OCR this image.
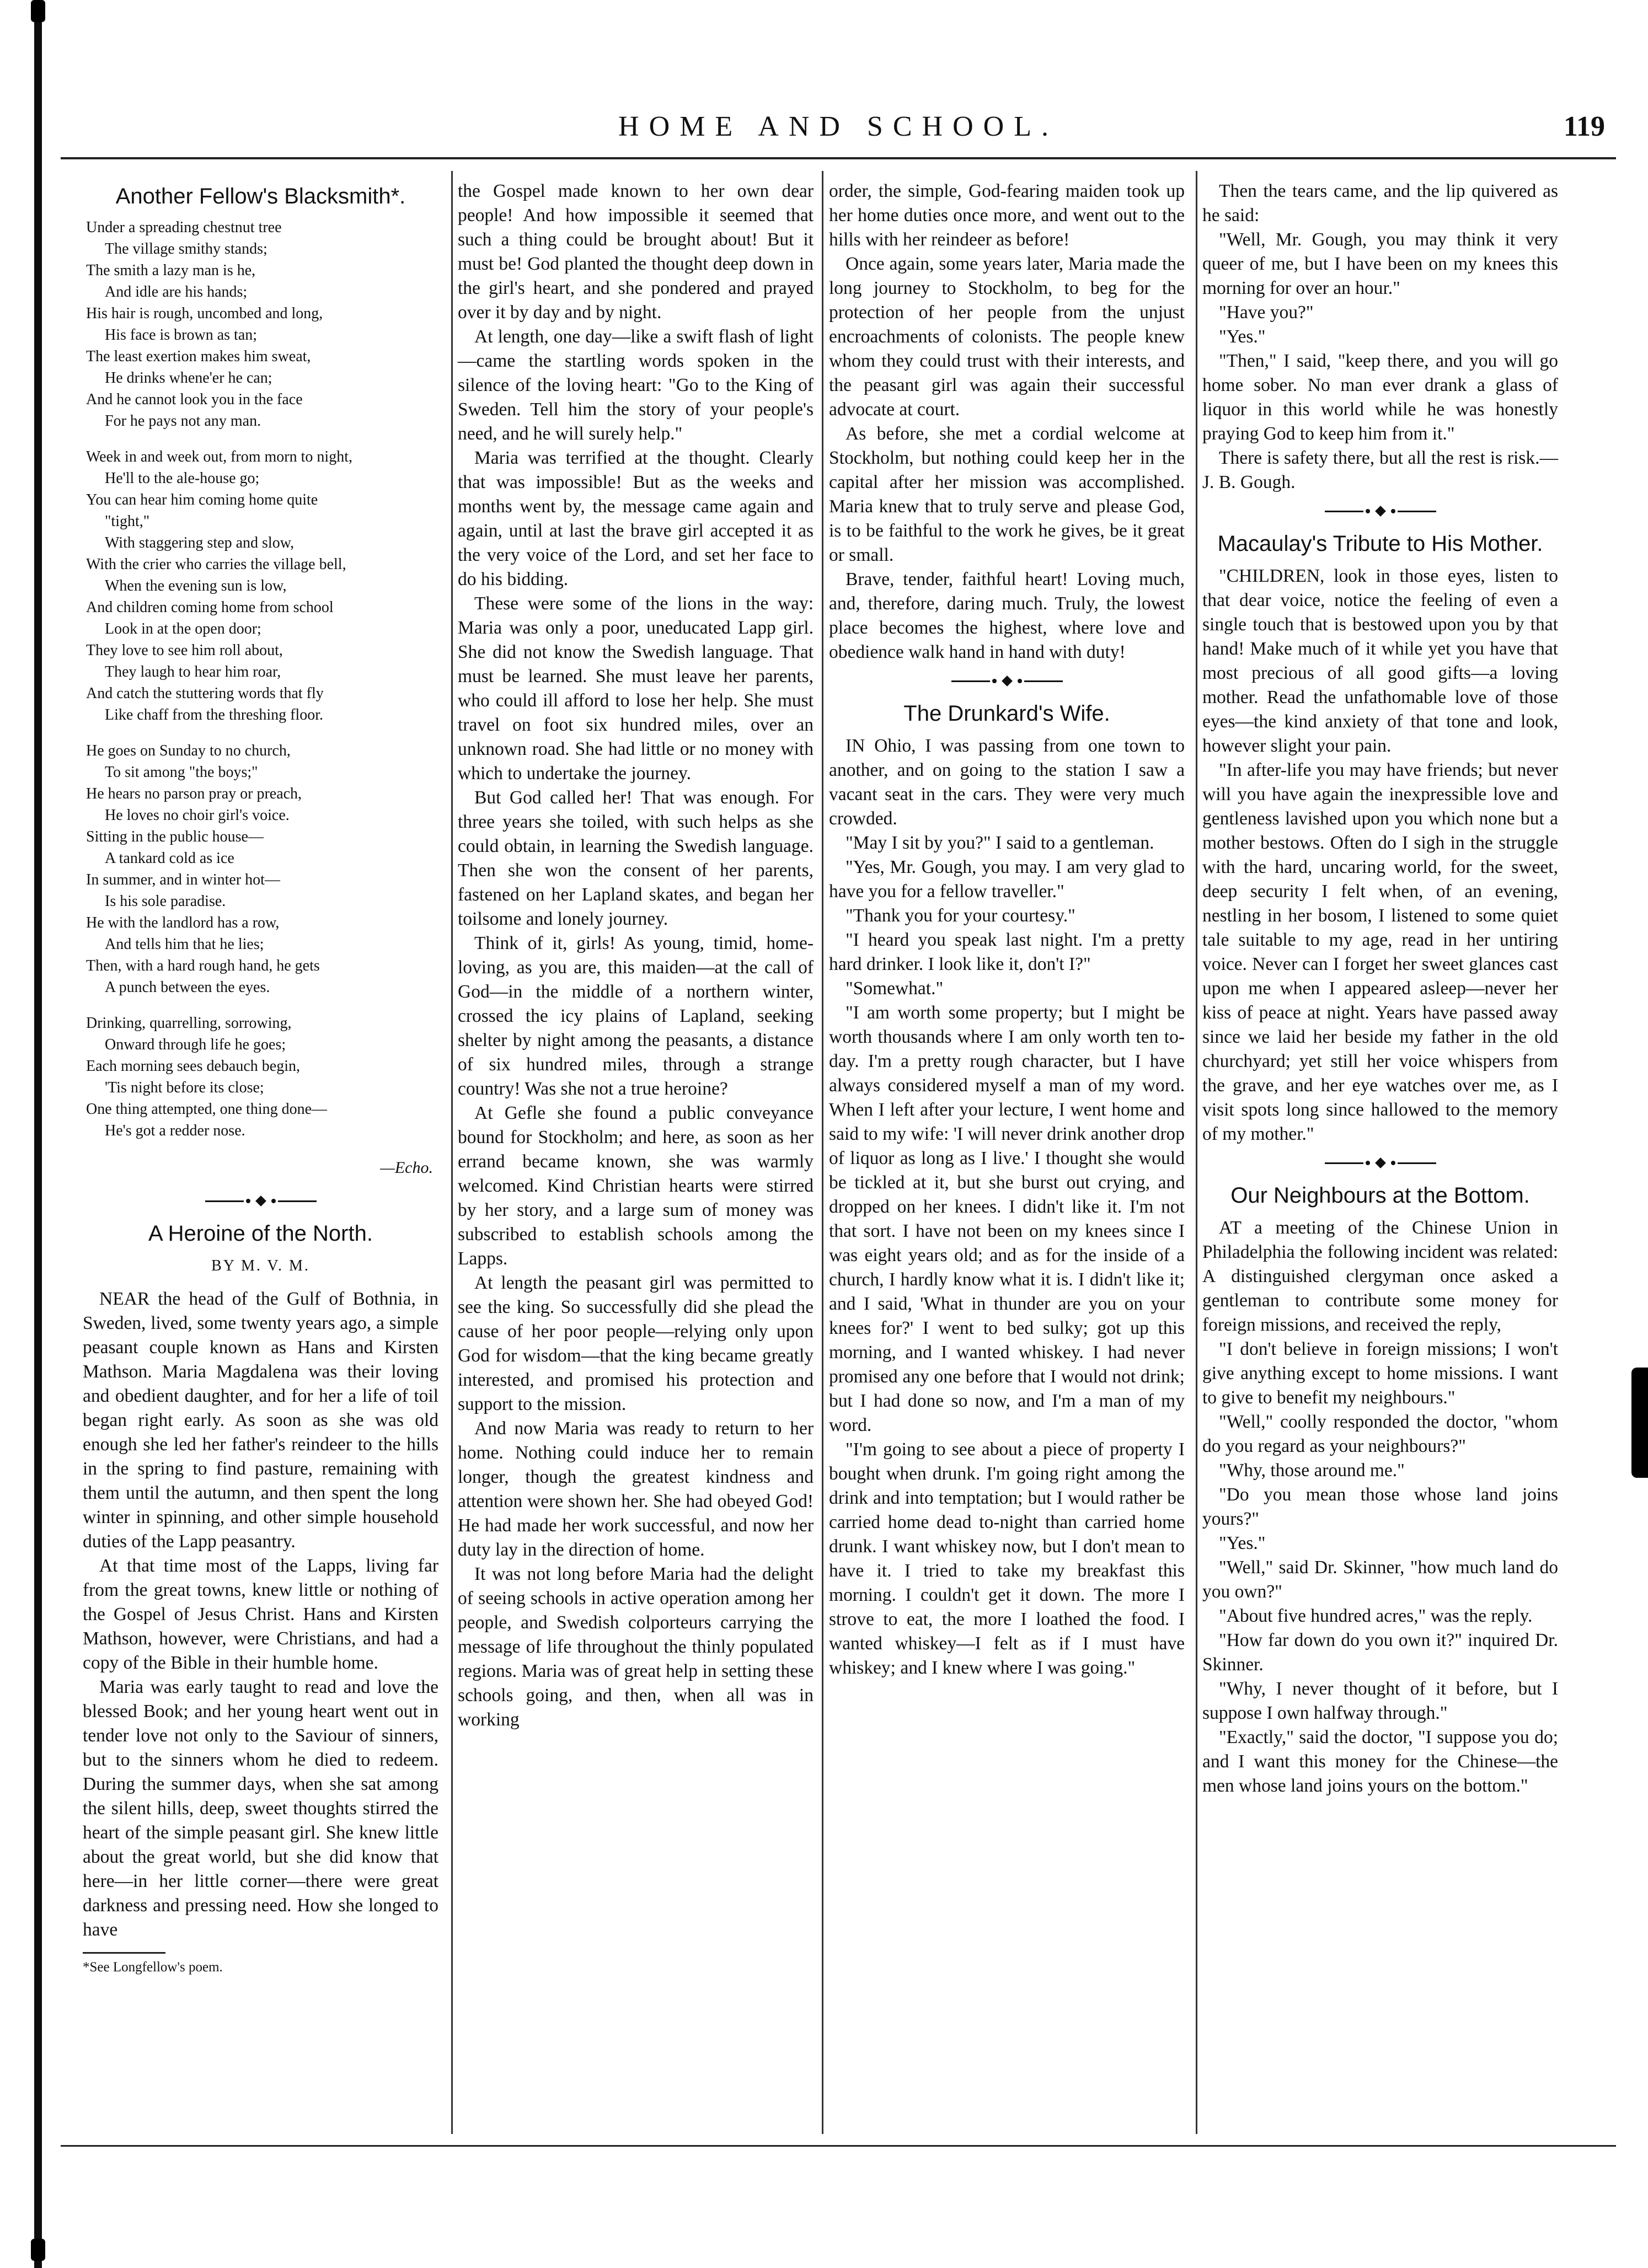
HOME AND SCHOOL.	119
Another Fellow's Blacksmith*.
Under a spreading chestnut tree
The village smithy stands;
The smith a lazy man is he,
And idle are his hands;
His hair is rough, uncombed and long,
His face is brown as tan;
The least exertion makes him sweat,
He drinks whene'er he can;
And he cannot look you in the face
For he pays not any man.
Week in and week out, from morn to night,
He'll to the ale-house go;
You can hear him coming home quite
"tight,"
With staggering step and slow,
With the crier who carries the village bell,
When the evening sun is low,
And children coming home from school
Look in at the open door;
They love to see him roll about,
They laugh to hear him roar,
And catch the stuttering words that fly
Like chaff from the threshing floor.
He goes on Sunday to no church,
To sit among "the boys;"
He hears no parson pray or preach,
He loves no choir girl's voice.
Sitting in the public house—
A tankard cold as ice
In summer, and in winter hot—
Is his sole paradise.
He with the landlord has a row,
And tells him that he lies;
Then, with a hard rough hand, he gets
A punch between the eyes.
Drinking, quarrelling, sorrowing,
Onward through life he goes;
Each morning sees debauch begin,
'Tis night before its close;
One thing attempted, one thing done—
He's got a redder nose.
—Echo.
A Heroine of the North.
BY M. V. M.

NEAR the head of the Gulf of Bothnia, in Sweden, lived, some twenty years ago, a simple peasant couple known as Hans and Kirsten Mathson. Maria Magdalena was their loving and obedient daughter, and for her a life of toil began right early. As soon as she was old enough she led her father's reindeer to the hills in the spring to find pasture, remaining with them until the autumn, and then spent the long winter in spinning, and other simple household duties of the Lapp peasantry.

At that time most of the Lapps, living far from the great towns, knew little or nothing of the Gospel of Jesus Christ. Hans and Kirsten Mathson, however, were Christians, and had a copy of the Bible in their humble home.

Maria was early taught to read and love the blessed Book; and her young heart went out in tender love not only to the Saviour of sinners, but to the sinners whom he died to redeem. During the summer days, when she sat among the silent hills, deep, sweet thoughts stirred the heart of the simple peasant girl. She knew little about the great world, but she did know that here—in her little corner—there were great darkness and pressing need. How she longed to have

*See Longfellow's poem.

the Gospel made known to her own dear people! And how impossible it seemed that such a thing could be brought about! But it must be! God planted the thought deep down in the girl's heart, and she pondered and prayed over it by day and by night.

At length, one day—like a swift flash of light—came the startling words spoken in the silence of the loving heart: "Go to the King of Sweden. Tell him the story of your people's need, and he will surely help."

Maria was terrified at the thought. Clearly that was impossible! But as the weeks and months went by, the message came again and again, until at last the brave girl accepted it as the very voice of the Lord, and set her face to do his bidding.

These were some of the lions in the way: Maria was only a poor, uneducated Lapp girl. She did not know the Swedish language. That must be learned. She must leave her parents, who could ill afford to lose her help. She must travel on foot six hundred miles, over an unknown road. She had little or no money with which to undertake the journey.

But God called her! That was enough. For three years she toiled, with such helps as she could obtain, in learning the Swedish language. Then she won the consent of her parents, fastened on her Lapland skates, and began her toilsome and lonely journey.

Think of it, girls! As young, timid, home-loving, as you are, this maiden—at the call of God—in the middle of a northern winter, crossed the icy plains of Lapland, seeking shelter by night among the peasants, a distance of six hundred miles, through a strange country! Was she not a true heroine?

At Gefle she found a public conveyance bound for Stockholm; and here, as soon as her errand became known, she was warmly welcomed. Kind Christian hearts were stirred by her story, and a large sum of money was subscribed to establish schools among the Lapps.

At length the peasant girl was permitted to see the king. So successfully did she plead the cause of her poor people—relying only upon God for wisdom—that the king became greatly interested, and promised his protection and support to the mission.

And now Maria was ready to return to her home. Nothing could induce her to remain longer, though the greatest kindness and attention were shown her. She had obeyed God! He had made her work successful, and now her duty lay in the direction of home.

It was not long before Maria had the delight of seeing schools in active operation among her people, and Swedish colporteurs carrying the message of life throughout the thinly populated regions. Maria was of great help in setting these schools going, and then, when all was in working

order, the simple, God-fearing maiden took up her home duties once more, and went out to the hills with her reindeer as before!

Once again, some years later, Maria made the long journey to Stockholm, to beg for the protection of her people from the unjust encroachments of colonists. The people knew whom they could trust with their interests, and the peasant girl was again their successful advocate at court.

As before, she met a cordial welcome at Stockholm, but nothing could keep her in the capital after her mission was accomplished. Maria knew that to truly serve and please God, is to be faithful to the work he gives, be it great or small.

Brave, tender, faithful heart! Loving much, and, therefore, daring much. Truly, the lowest place becomes the highest, where love and obedience walk hand in hand with duty!

The Drunkard's Wife.

IN Ohio, I was passing from one town to another, and on going to the station I saw a vacant seat in the cars. They were very much crowded.

"May I sit by you?" I said to a gentleman.

"Yes, Mr. Gough, you may. I am very glad to have you for a fellow traveller."

"Thank you for your courtesy."

"I heard you speak last night. I'm a pretty hard drinker. I look like it, don't I?"

"Somewhat."

"I am worth some property; but I might be worth thousands where I am only worth ten to-day. I'm a pretty rough character, but I have always considered myself a man of my word. When I left after your lecture, I went home and said to my wife: 'I will never drink another drop of liquor as long as I live.' I thought she would be tickled at it, but she burst out crying, and dropped on her knees. I didn't like it. I'm not that sort. I have not been on my knees since I was eight years old; and as for the inside of a church, I hardly know what it is. I didn't like it; and I said, 'What in thunder are you on your knees for?' I went to bed sulky; got up this morning, and I wanted whiskey. I had never promised any one before that I would not drink; but I had done so now, and I'm a man of my word.

"I'm going to see about a piece of property I bought when drunk. I'm going right among the drink and into temptation; but I would rather be carried home dead to-night than carried home drunk. I want whiskey now, but I don't mean to have it. I tried to take my breakfast this morning. I couldn't get it down. The more I strove to eat, the more I loathed the food. I wanted whiskey—I felt as if I must have whiskey; and I knew where I was going."

Then the tears came, and the lip quivered as he said:

"Well, Mr. Gough, you may think it very queer of me, but I have been on my knees this morning for over an hour."

"Have you?"

"Yes."

"Then," I said, "keep there, and you will go home sober. No man ever drank a glass of liquor in this world while he was honestly praying God to keep him from it."

There is safety there, but all the rest is risk.—J. B. Gough.

Macaulay's Tribute to His Mother.

"CHILDREN, look in those eyes, listen to that dear voice, notice the feeling of even a single touch that is bestowed upon you by that hand! Make much of it while yet you have that most precious of all good gifts—a loving mother. Read the unfathomable love of those eyes—the kind anxiety of that tone and look, however slight your pain.

"In after-life you may have friends; but never will you have again the inexpressible love and gentleness lavished upon you which none but a mother bestows. Often do I sigh in the struggle with the hard, uncaring world, for the sweet, deep security I felt when, of an evening, nestling in her bosom, I listened to some quiet tale suitable to my age, read in her untiring voice. Never can I forget her sweet glances cast upon me when I appeared asleep—never her kiss of peace at night. Years have passed away since we laid her beside my father in the old churchyard; yet still her voice whispers from the grave, and her eye watches over me, as I visit spots long since hallowed to the memory of my mother."

Our Neighbours at the Bottom.

AT a meeting of the Chinese Union in Philadelphia the following incident was related: A distinguished clergyman once asked a gentleman to contribute some money for foreign missions, and received the reply,

"I don't believe in foreign missions; I won't give anything except to home missions. I want to give to benefit my neighbours."

"Well," coolly responded the doctor, "whom do you regard as your neighbours?"

"Why, those around me."

"Do you mean those whose land joins yours?"

"Yes."

"Well," said Dr. Skinner, "how much land do you own?"

"About five hundred acres," was the reply.

"How far down do you own it?" inquired Dr. Skinner.

"Why, I never thought of it before, but I suppose I own halfway through."

"Exactly," said the doctor, "I suppose you do; and I want this money for the Chinese—the men whose land joins yours on the bottom."
